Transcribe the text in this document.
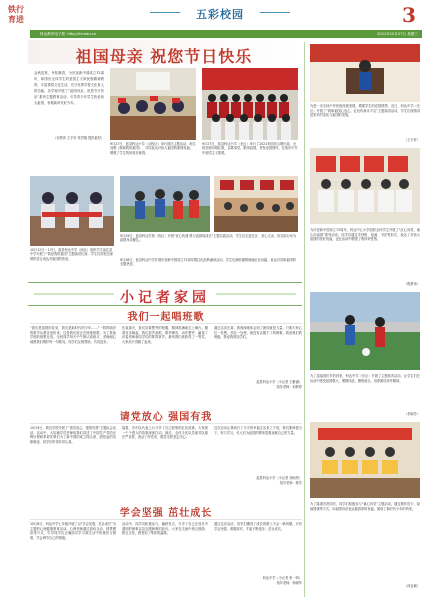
铁行
育进	五彩校园	3
科达教育电子报 ·http://kd.edu.cn	2021年10月27日 星期三
祖国母亲 祝您节日快乐
金秋送爽，丹桂飘香，为庆祝新中国成立72周年，和国庆全体学生的爱国主义和民族精神教育，丰富校园文化生活，充分发挥学校文化育人的功能，各学校开展了“祖国母亲，祝您节日快乐”系列主题教育活动，引导青少年学生热爱伟大祖国，争做新时代好少年。
（市教育 王宇轩 张君雅 提供素材）
9月27日，蓝县科达小学（点校区）举行国庆主题活动，师生同唱《我和我的祖国》，共同表达对伟大祖国的深情祝福，增强了学生的民族自豪感。
9月27日，蓝县科达小学（北区）举行了2021年国庆合唱比赛，全校各班同唱红歌，以歌颂党，歌颂祖国，抒发爱国情怀，在欢乐中升华爱国主义情感。
10月12日～13日，蓝县科达中学（南区）组织学生前往县中学开展了“我爱我的祖国”主题演讲比赛，学生们用饱含深情的语言表达对祖国的热爱。
9月29日，蓝县科达学校（西区）开展“爱心传递·我与祖国同成长”主题实践活动，学生们走进社区、爱心义卖，用实际行动为祖国母亲献礼。
9月28日，蓝县科达中学开展庆祝新中国成立72周年暨红色经典诵读活动，学生们满怀激情朗诵红色诗篇，表达对党和祖国的无限热爱。
为进一步弘扬中华民族传统美德，增强学生的爱国情感，近日，科达中学（北区）开展了“我和祖国心连心，红色传承永不忘”主题演讲活动，学生们深情讲述家乡的变化与祖国的发展。
（王宇轩）
为庆祝新中国成立72周年，科达中心小学组织全体学生开展了“红心向党，童心向祖国”系列活动，同学们通过手抄报、绘画、书法等形式，表达了对伟大祖国的美好祝福，也在活动中增强了集体荣誉感。
（程景荣）
为了迎接国庆节的到来，科达中学（东区）开展了主题体育活动，让学生们在运动中感受祖国强大，增强体质，磨炼意志，培养团结协作精神。
（李淑芳）
为了隆重庆祝国庆，同学们积极参与“童心向党”主题活动，通过制作贺卡、绘画国旗等方式，向祖国母亲表达最真挚的祝福，展现了新时代少年的风采。
（何金颖）
小记者家园
我们一起唱班歌
“我们是祖国的花朵，我们是新时代的少年……”一阵阵响亮的歌声从教室里传来。这是我们班正在排练班歌。为了准备学校的班歌比赛，全班同学每天中午都认真练习，老师耐心地教我们唱好每一句歌词，同学们互相帮助，共同进步。
比赛那天，我们穿着整齐的校服，精神饱满地走上舞台。随着音乐响起，我们放声高唱，歌声嘹亮，动作整齐，赢得了评委老师和同学们的阵阵掌声。最终我们班获得了一等奖，大家高兴得跳了起来。
通过这次比赛，我深深地体会到了团结就是力量。只要大家心往一处想，劲往一处使，就没有克服不了的困难。我爱我们的班级，我爱我的同学们。
蓝县科达小学（小记者 王紫涵）
指导老师：刘梦婷
请党放心 强国有我
10月9日，我们学校开展了“请党放心，强国有我”主题队会活动。活动中，大队辅导员老师给我们讲述了中国共产党的光辉历程和革命先辈们为了新中国的成立抛头颅、洒热血的英雄事迹，同学们听得非常认真。
接着，各中队代表上台分享了自己收集的红色故事，大家被一个个感人的故事深深打动。最后，全体少先队员面对队旗庄严宣誓，表达了听党话、跟党走的坚定决心。
这次活动让我明白了今天的幸福生活来之不易，我们要珍惜当下，努力学习，长大后为祖国的繁荣富强贡献自己的力量。
蓝县科达小学（小记者 刘雨彤）
指导老师：陈芳
学会坚强 茁壮成长
10月8日，科达中学七年级开展了以“学会坚强，茁壮成长”为主题的心理健康教育活动。心理老师通过游戏互动、情景模拟等方式，引导同学们正确面对学习和生活中的挫折与困难，学会调节自己的情绪。
活动中，同学们积极参与，踊跃发言，分享了自己在成长中遇到的困难以及克服困难的经历。大家在交流中相互鼓励、相互支持，感受到了集体的温暖。
通过这次活动，同学们懂得了成长的路上不会一帆风顺，只有学会坚强，勇敢面对，才能不断进步，茁壮成长。
科达中学（小记者 张一鸣）
指导老师：杨晓华
